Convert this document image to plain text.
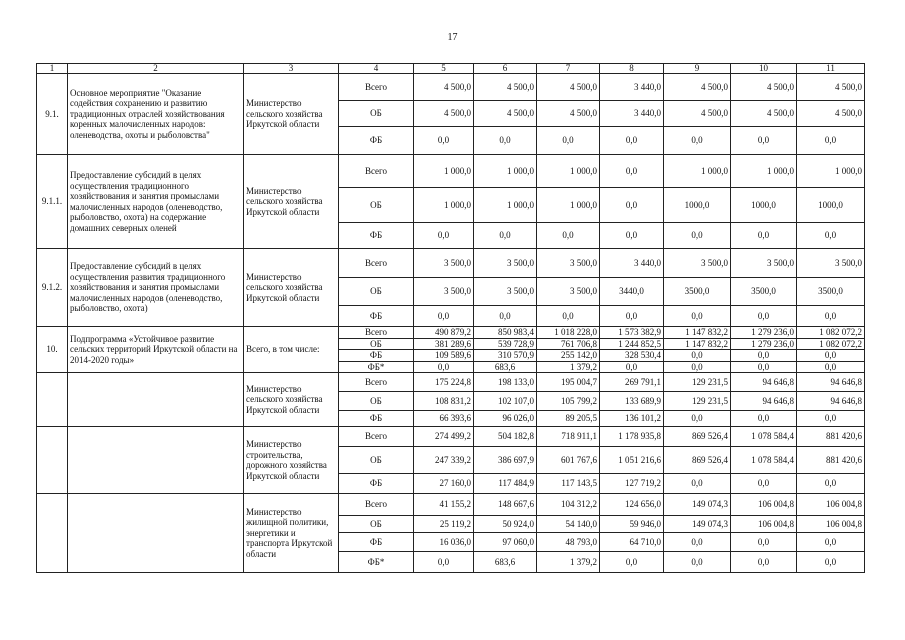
17
1	2	3	4	5	6	7	8	9	10	11
9.1.	Основное мероприятие "Оказание содействия сохранению и развитию традиционных отраслей хозяйствования коренных малочисленных народов: оленеводства, охоты и рыболовства"	Министерство сельского хозяйства Иркутской области	Всего	4 500,0	4 500,0	4 500,0	3 440,0	4 500,0	4 500,0	4 500,0
			ОБ	4 500,0	4 500,0	4 500,0	3 440,0	4 500,0	4 500,0	4 500,0
			ФБ	0,0	0,0	0,0	0,0	0,0	0,0	0,0
9.1.1.	Предоставление субсидий в целях осуществления традиционного хозяйствования и занятия промыслами малочисленных народов (оленеводство, рыболовство, охота) на содержание домашних северных оленей	Министерство сельского хозяйства Иркутской области	Всего	1 000,0	1 000,0	1 000,0	0,0	1 000,0	1 000,0	1 000,0
			ОБ	1 000,0	1 000,0	1 000,0	0,0	1000,0	1000,0	1000,0
			ФБ	0,0	0,0	0,0	0,0	0,0	0,0	0,0
9.1.2.	Предоставление субсидий в целях осуществления развития традиционного хозяйствования и занятия промыслами малочисленных народов (оленеводство, рыболовство, охота)	Министерство сельского хозяйства Иркутской области	Всего	3 500,0	3 500,0	3 500,0	3 440,0	3 500,0	3 500,0	3 500,0
			ОБ	3 500,0	3 500,0	3 500,0	3440,0	3500,0	3500,0	3500,0
			ФБ	0,0	0,0	0,0	0,0	0,0	0,0	0,0
10.	Подпрограмма «Устойчивое развитие сельских территорий Иркутской области на 2014-2020 годы»	Всего, в том числе:	Всего	490 879,2	850 983,4	1 018 228,0	1 573 382,9	1 147 832,2	1 279 236,0	1 082 072,2
			ОБ	381 289,6	539 728,9	761 706,8	1 244 852,5	1 147 832,2	1 279 236,0	1 082 072,2
			ФБ	109 589,6	310 570,9	255 142,0	328 530,4	0,0	0,0	0,0
			ФБ*	0,0	683,6	1 379,2	0,0	0,0	0,0	0,0
		Министерство сельского хозяйства Иркутской области	Всего	175 224,8	198 133,0	195 004,7	269 791,1	129 231,5	94 646,8	94 646,8
			ОБ	108 831,2	102 107,0	105 799,2	133 689,9	129 231,5	94 646,8	94 646,8
			ФБ	66 393,6	96 026,0	89 205,5	136 101,2	0,0	0,0	0,0
		Министерство строительства, дорожного хозяйства Иркутской области	Всего	274 499,2	504 182,8	718 911,1	1 178 935,8	869 526,4	1 078 584,4	881 420,6
			ОБ	247 339,2	386 697,9	601 767,6	1 051 216,6	869 526,4	1 078 584,4	881 420,6
			ФБ	27 160,0	117 484,9	117 143,5	127 719,2	0,0	0,0	0,0
		Министерство жилищной политики, энергетики и транспорта Иркутской области	Всего	41 155,2	148 667,6	104 312,2	124 656,0	149 074,3	106 004,8	106 004,8
			ОБ	25 119,2	50 924,0	54 140,0	59 946,0	149 074,3	106 004,8	106 004,8
			ФБ	16 036,0	97 060,0	48 793,0	64 710,0	0,0	0,0	0,0
			ФБ*	0,0	683,6	1 379,2	0,0	0,0	0,0	0,0
